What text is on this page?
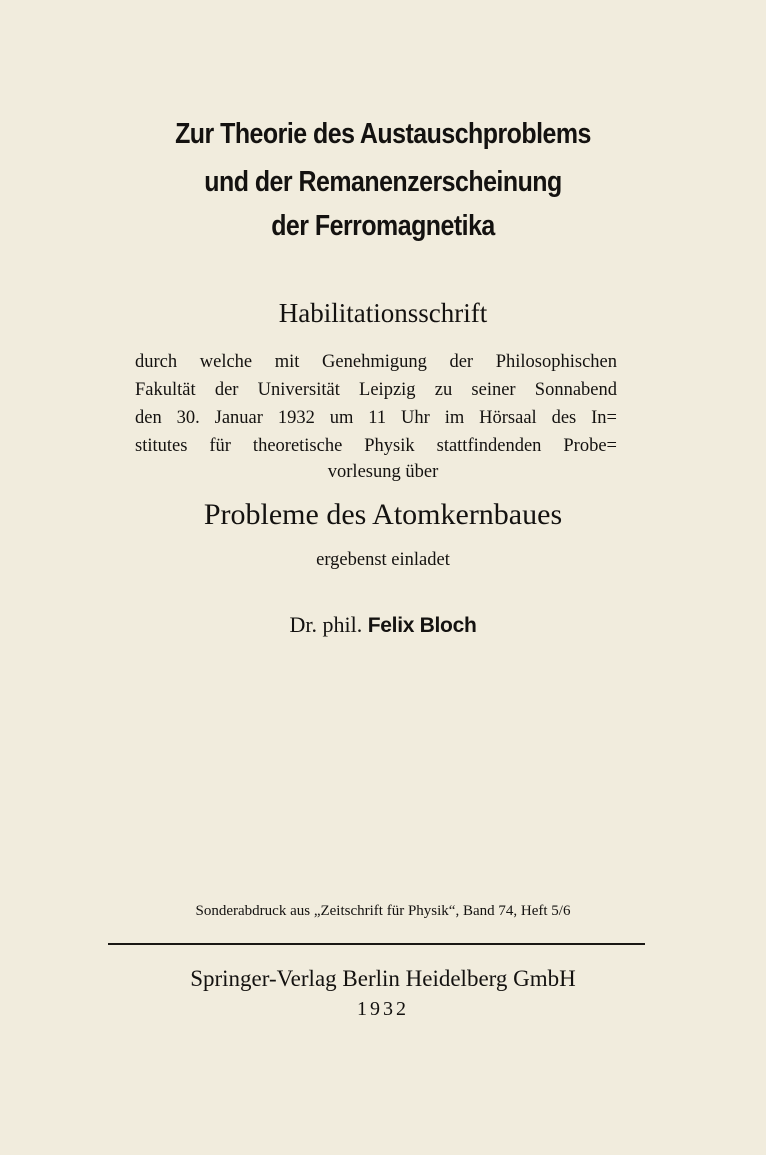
Zur Theorie des Austauschproblems
und der Remanenzerscheinung
der Ferromagnetika
Habilitationsschrift
durch welche mit Genehmigung der Philosophischen
Fakultät der Universität Leipzig zu seiner Sonnabend
den 30. Januar 1932 um 11 Uhr im Hörsaal des In=
stitutes für theoretische Physik stattfindenden Probe=
vorlesung über
Probleme des Atomkernbaues
ergebenst einladet
Dr. phil. Felix Bloch
Sonderabdruck aus „Zeitschrift für Physik“, Band 74, Heft 5/6
Springer-Verlag Berlin Heidelberg GmbH
1932
